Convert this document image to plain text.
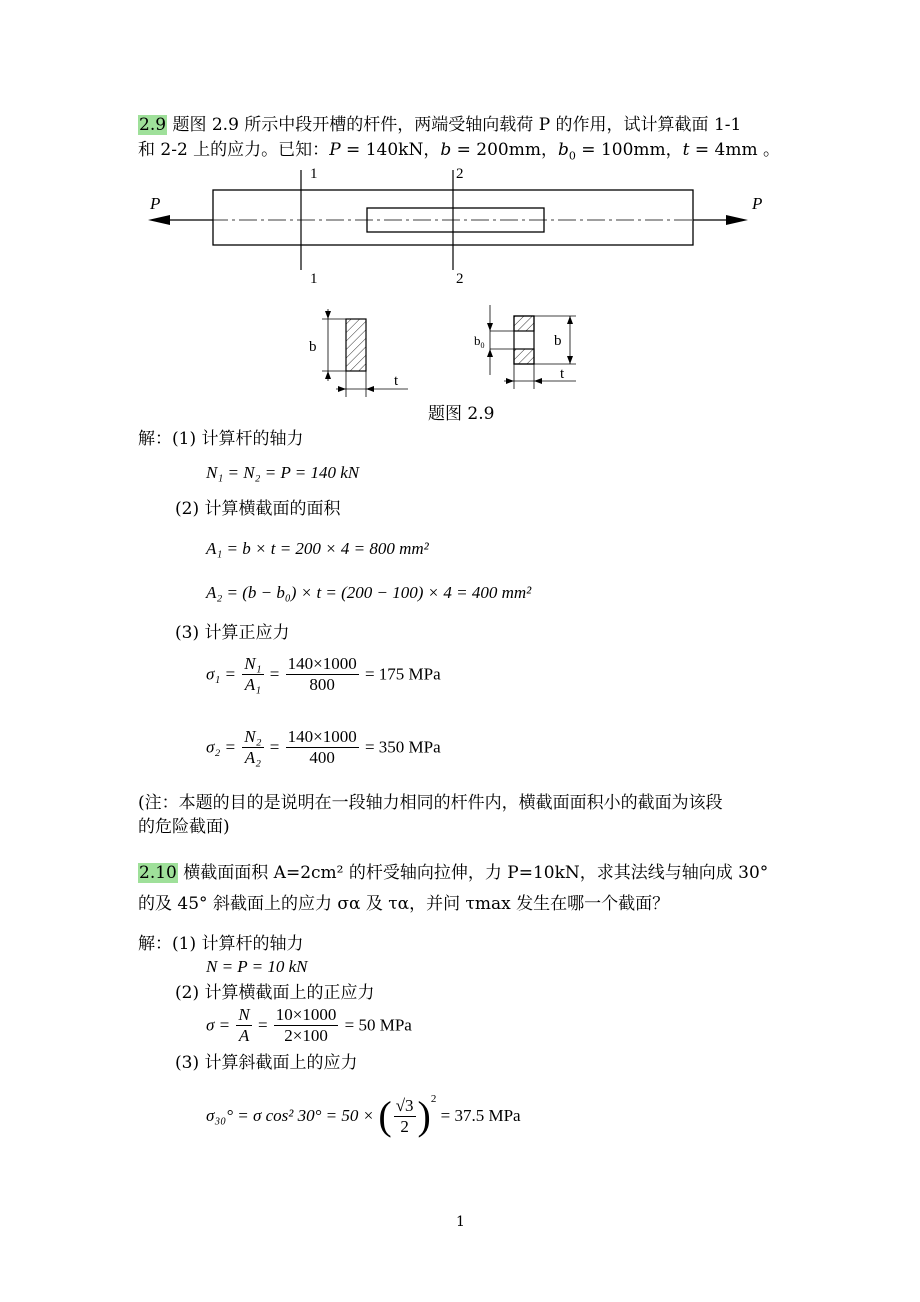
2.9 题图 2.9 所示中段开槽的杆件，两端受轴向载荷 P 的作用，试计算截面 1-1
和 2-2 上的应力。已知：P = 140kN，b = 200mm，$b_0 = 100mm$，t = 4mm 。
P	P
1
1
2
2
b
t
$b_0$	b
t
题图 2.9
解：(1) 计算杆的轴力
N₁ = N₂ = P = 140 kN
(2) 计算横截面的面积
A₁ = b × t = 200 × 4 = 800 mm²
A₂ = (b − b₀) × t = (200 − 100) × 4 = 400 mm²
(3) 计算正应力
$\sigma_1 = \frac{\text{N₁}}{\text{A₁}} = \frac{140\times 1000}{800} = 175$ MPa
$\sigma_2 = \frac{\text{N₂}}{\text{A₂}} = \frac{140\times 1000}{400} = 350$ MPa
(注：本题的目的是说明在一段轴力相同的杆件内，横截面面积小的截面为该段
的危险截面)
2.10 横截面面积 A=2cm² 的杆受轴向拉伸，力 P=10kN，求其法线与轴向成 30°
的及 45° 斜截面上的应力 σα 及 τα，并问 τmax 发生在哪一个截面？
解：(1) 计算杆的轴力
N = P = 10 kN
(2) 计算横截面上的正应力
$\sigma = \frac{N}{A} = \frac{10\times 1000}{2\times 100} = 50$ MPa
(3) 计算斜截面上的应力
σ₃₀° = σ cos² 30° = 50 × ( $\frac{√3}{2} )^2 = 37.5$ MPa
1
